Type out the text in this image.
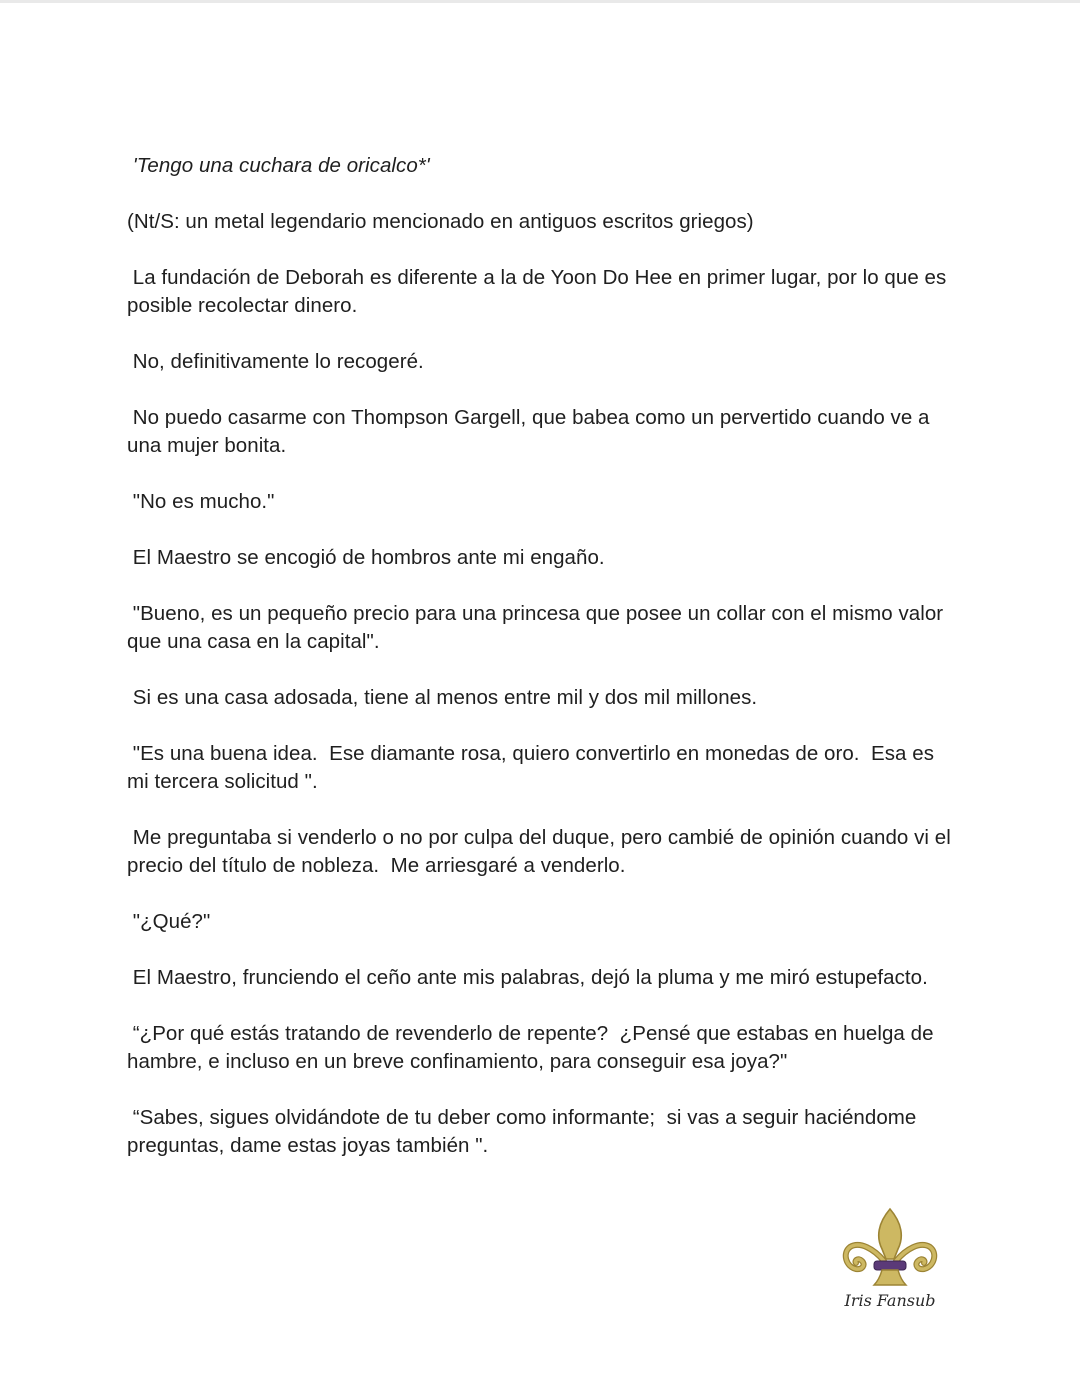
'Tengo una cuchara de oricalco*'

(Nt/S: un metal legendario mencionado en antiguos escritos griegos)

La fundación de Deborah es diferente a la de Yoon Do Hee en primer lugar, por lo que es posible recolectar dinero.

No, definitivamente lo recogeré.

No puedo casarme con Thompson Gargell, que babea como un pervertido cuando ve a una mujer bonita.

"No es mucho."

El Maestro se encogió de hombros ante mi engaño.

"Bueno, es un pequeño precio para una princesa que posee un collar con el mismo valor que una casa en la capital".

Si es una casa adosada, tiene al menos entre mil y dos mil millones.

"Es una buena idea.  Ese diamante rosa, quiero convertirlo en monedas de oro.  Esa es mi tercera solicitud ".

Me preguntaba si venderlo o no por culpa del duque, pero cambié de opinión cuando vi el precio del título de nobleza.  Me arriesgaré a venderlo.

"¿Qué?"

El Maestro, frunciendo el ceño ante mis palabras, dejó la pluma y me miró estupefacto.

“¿Por qué estás tratando de revenderlo de repente?  ¿Pensé que estabas en huelga de hambre, e incluso en un breve confinamiento, para conseguir esa joya?"

“Sabes, sigues olvidándote de tu deber como informante;  si vas a seguir haciéndome preguntas, dame estas joyas también ".

Iris Fansub
